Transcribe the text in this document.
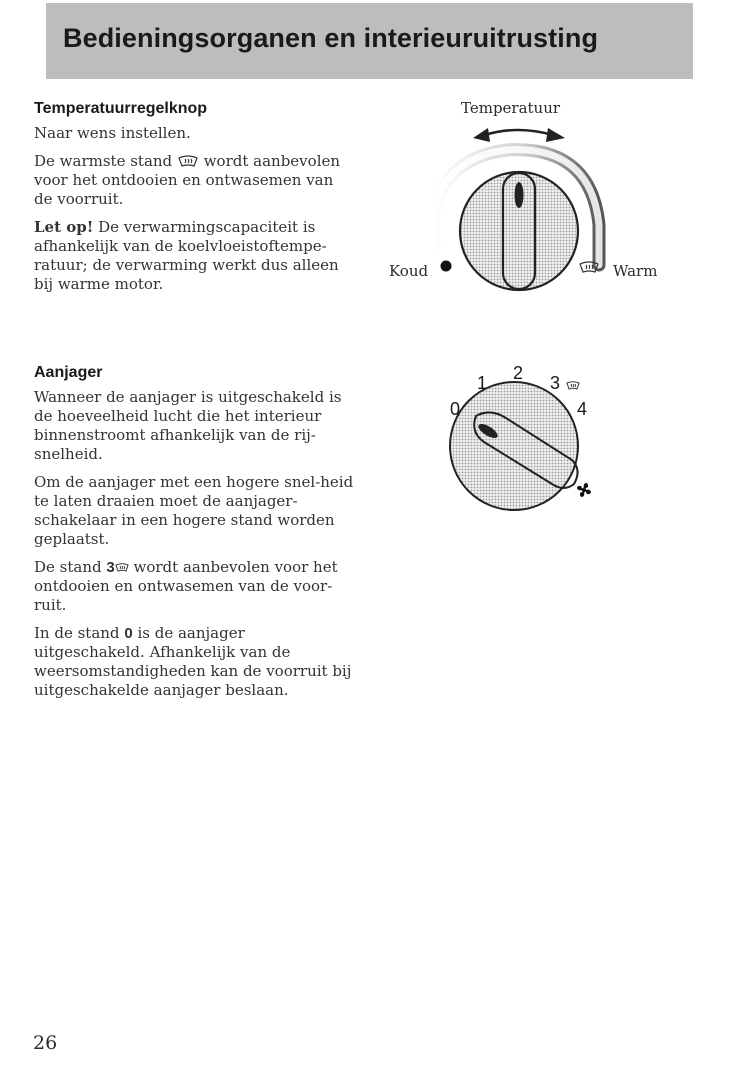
Bedieningsorganen en interieuruitrusting
Temperatuurregelknop

Naar wens instellen.

De warmste stand wordt aanbevolen voor het ontdooien en ontwasemen van de voorruit.

Let op! De verwarmingscapaciteit is afhankelijk van de koelvloeistoftempe-ratuur; de verwarming werkt dus alleen bij warme motor.

Temperatuur
Koud	Warm
Aanjager

Wanneer de aanjager is uitgeschakeld is de hoeveelheid lucht die het interieur binnenstroomt afhankelijk van de rij-snelheid.

Om de aanjager met een hogere snel-heid te laten draaien moet de aanjager-schakelaar in een hogere stand worden geplaatst.

De stand 3 wordt aanbevolen voor het ontdooien en ontwasemen van de voor-ruit.

In de stand 0 is de aanjager uitgeschakeld. Afhankelijk van de weersomstandigheden kan de voorruit bij uitgeschakelde aanjager beslaan.

0
1 2 3
4
26
